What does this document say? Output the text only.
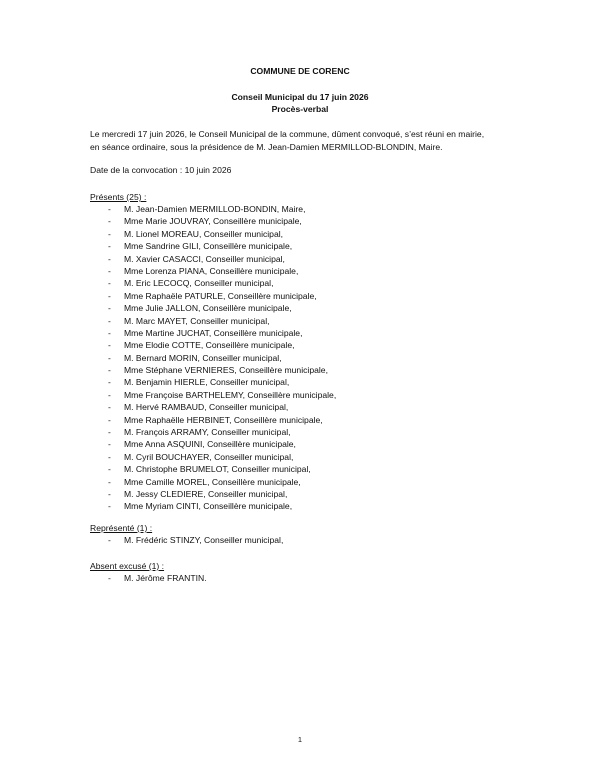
COMMUNE DE CORENC
Conseil Municipal du 17 juin 2026
Procès-verbal
Le mercredi 17 juin 2026, le Conseil Municipal de la commune, dûment convoqué, s’est réuni en mairie,
en séance ordinaire, sous la présidence de M. Jean-Damien MERMILLOD-BLONDIN, Maire.
Date de la convocation : 10 juin 2026
Présents (25) :
- M. Jean-Damien MERMILLOD-BONDIN, Maire,
- Mme Marie JOUVRAY, Conseillère municipale,
- M. Lionel MOREAU, Conseiller municipal,
- Mme Sandrine GILI, Conseillère municipale,
- M. Xavier CASACCI, Conseiller municipal,
- Mme Lorenza PIANA, Conseillère municipale,
- M. Eric LECOCQ, Conseiller municipal,
- Mme Raphaële PATURLE, Conseillère municipale,
- Mme Julie JALLON, Conseillère municipale,
- M. Marc MAYET, Conseiller municipal,
- Mme Martine JUCHAT, Conseillère municipale,
- Mme Elodie COTTE, Conseillère municipale,
- M. Bernard MORIN, Conseiller municipal,
- Mme Stéphane VERNIERES, Conseillère municipale,
- M. Benjamin HIERLE, Conseiller municipal,
- Mme Françoise BARTHELEMY, Conseillère municipale,
- M. Hervé RAMBAUD, Conseiller municipal,
- Mme Raphaëlle HERBINET, Conseillère municipale,
- M. François ARRAMY, Conseiller municipal,
- Mme Anna ASQUINI, Conseillère municipale,
- M. Cyril BOUCHAYER, Conseiller municipal,
- M. Christophe BRUMELOT, Conseiller municipal,
- Mme Camille MOREL, Conseillère municipale,
- M. Jessy CLEDIERE, Conseiller municipal,
- Mme Myriam CINTI, Conseillère municipale,
Représenté (1) :
- M. Frédéric STINZY, Conseiller municipal,
Absent excusé (1) :
- M. Jérôme FRANTIN.
1
